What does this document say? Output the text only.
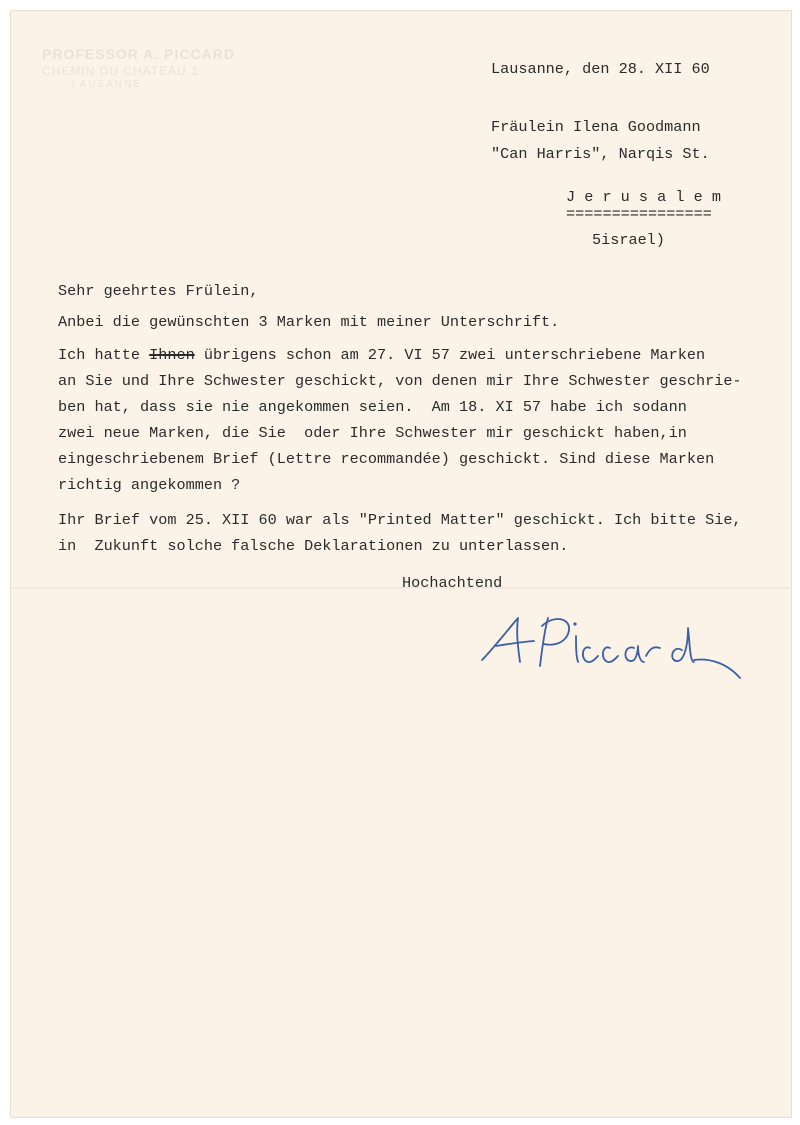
PROFESSOR A. PICCARD
CHEMIN DU CHATEAU 1
LAUSANNE
Lausanne, den 28. XII 60
Fräulein Ilena Goodmann
"Can Harris", Narqis St.
J e r u s a l e m
================
5israel)
Sehr geehrtes Frülein,
Anbei die gewünschten 3 Marken mit meiner Unterschrift.
Ich hatte Ihnen übrigens schon am 27. VI 57 zwei unterschriebene Marken
an Sie und Ihre Schwester geschickt, von denen mir Ihre Schwester geschrie-
ben hat, dass sie nie angekommen seien.  Am 18. XI 57 habe ich sodann
zwei neue Marken, die Sie  oder Ihre Schwester mir geschickt haben,in
eingeschriebenem Brief (Lettre recommandée) geschickt. Sind diese Marken
richtig angekommen ?
Ihr Brief vom 25. XII 60 war als "Printed Matter" geschickt. Ich bitte Sie,
in  Zukunft solche falsche Deklarationen zu unterlassen.
Hochachtend
